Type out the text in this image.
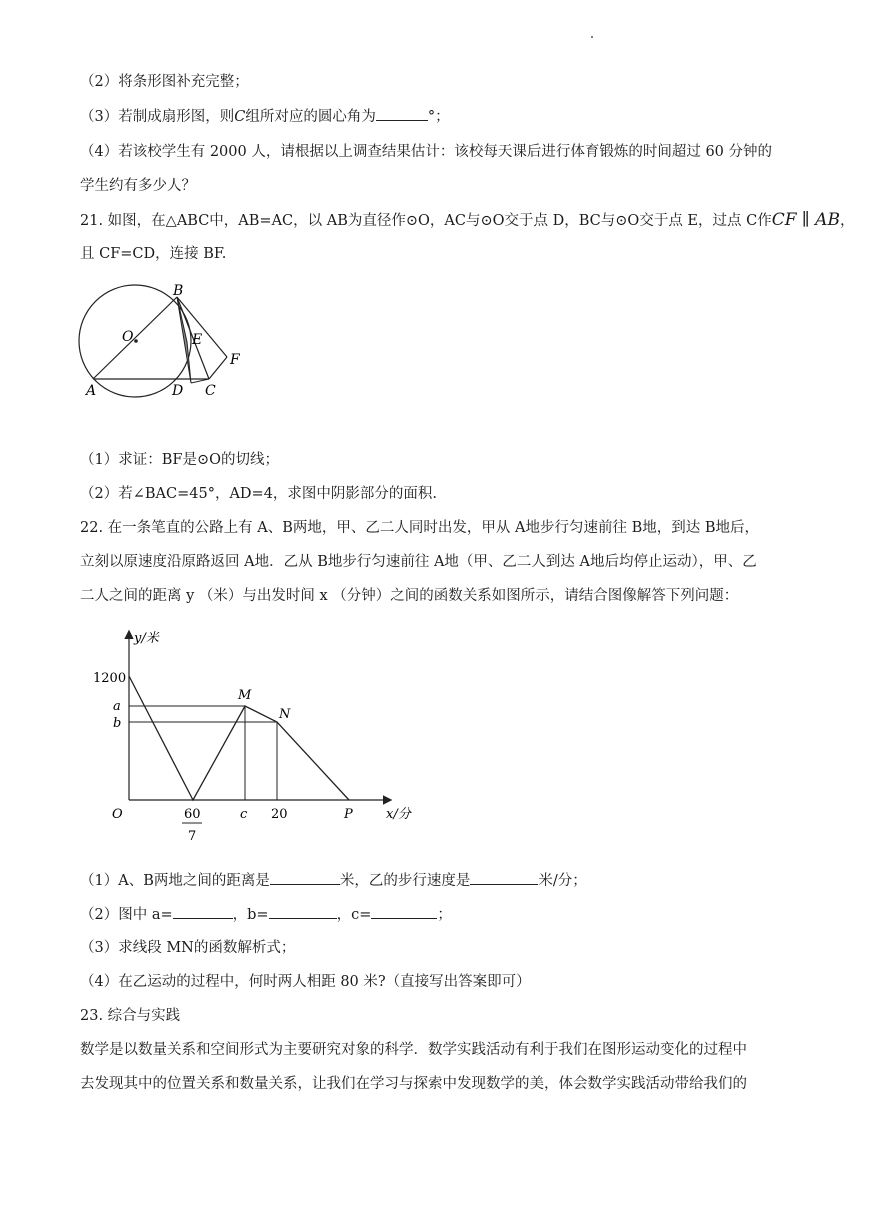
（2）将条形图补充完整；
（3）若制成扇形图，则C组所对应的圆心角为	°；
（4）若该校学生有 2000 人，请根据以上调查结果估计：该校每天课后进行体育锻炼的时间超过 60 分钟的
学生约有多少人？
21. 如图，在△ABC中，AB=AC，以 AB为直径作⊙O，AC与⊙O交于点 D，BC与⊙O交于点 E，过点 C作CF ∥ AB，
且 CF=CD，连接 BF.
B
O	E
F
A	D C
（1）求证：BF是⊙O的切线；
（2）若∠BAC=45°，AD=4，求图中阴影部分的面积.
22. 在一条笔直的公路上有 A、B两地，甲、乙二人同时出发，甲从 A地步行匀速前往 B地，到达 B地后，
立刻以原速度沿原路返回 A地．乙从 B地步行匀速前往 A地（甲、乙二人到达 A地后均停止运动），甲、乙
二人之间的距离 y （米）与出发时间 x （分钟）之间的函数关系如图所示，请结合图像解答下列问题：
y/米
1200
a
b
O	60
7
c 20	P	x/分
M
N
（1）A、B两地之间的距离是	米，乙的步行速度是	米/分；
（2）图中 a=	，b=	，c=	；
（3）求线段 MN的函数解析式；
（4）在乙运动的过程中，何时两人相距 80 米?（直接写出答案即可）
23. 综合与实践
数学是以数量关系和空间形式为主要研究对象的科学．数学实践活动有利于我们在图形运动变化的过程中
去发现其中的位置关系和数量关系，让我们在学习与探索中发现数学的美，体会数学实践活动带给我们的
